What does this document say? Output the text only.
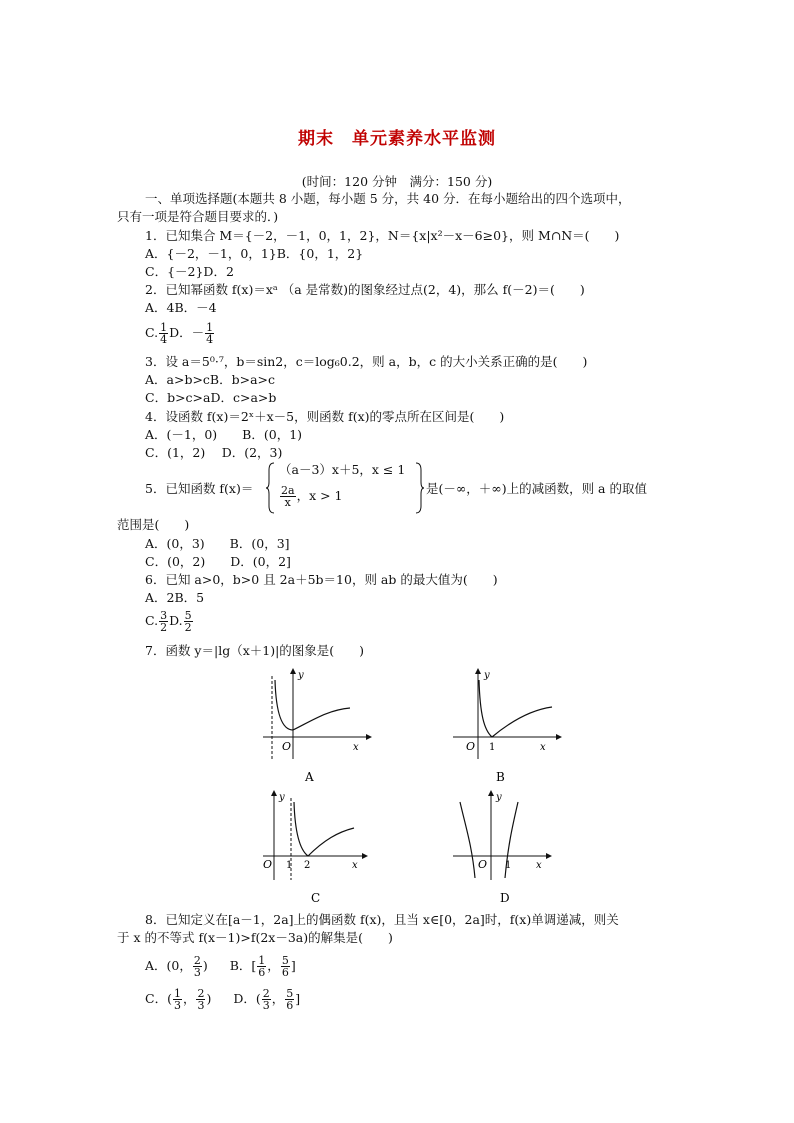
期末　单元素养水平监测
(时间：120 分钟　满分：150 分)
一、单项选择题(本题共 8 小题，每小题 5 分，共 40 分．在每小题给出的四个选项中，
只有一项是符合题目要求的．)
1．已知集合 M＝{－2，－1，0，1，2}，N＝{x|x²－x－6≥0}，则 M∩N＝(　　)
A．{－2，－1，0，1}B．{0，1，2}
C．{－2}D．2
2．已知幂函数 f(x)＝xᵃ （a 是常数)的图象经过点(2，4)，那么 f(－2)＝(　　)
A．4B．－4
C. $\frac{1}{4}$ D．－ $\frac{1}{4}$
3．设 a＝5⁰·⁷，b＝sin2，c＝log₆0.2，则 a，b，c 的大小关系正确的是(　　)
A．a>b>cB．b>a>c
C．b>c>aD．c>a>b
4．设函数 f(x)＝2ˣ＋x－5，则函数 f(x)的零点所在区间是(　　)
A．(－1，0)　　B．(0，1)
C．(1，2)　 D．(2，3)
5．已知函数 f(x)＝
（a－3）x＋5，x ≤ 1
$\frac{2a}{x}$ ，x > 1	是(－∞，＋∞)上的减函数，则 a 的取值
范围是(　　)
A．(0，3)　　B．(0，3]
C．(0，2)　　D．(0，2]
6．已知 a>0，b>0 且 2a＋5b＝10，则 ab 的最大值为(　　)
A．2B．5
C. $\frac{3}{2} D$. $\frac{5}{2}$
7．函数 y＝|lg（x＋1)|的图象是(　　)
y
O	x
A
y
O 1	x
B
y
O 1 2	x
C
y
O 1 x
D
8．已知定义在[a－1，2a]上的偶函数 f(x)，且当 x∈[0，2a]时，f(x)单调递减，则关
于 x 的不等式 f(x－1)>f(2x－3a)的解集是(　　)
A．(0， $\frac{2}{3}$ ) B．[ $\frac{1}{6}$ ， $\frac{5}{6}$ ]
C．( $\frac{1}{3}$ ， $\frac{2}{3}$ ) D．( $\frac{2}{3}$ ， $\frac{5}{6}$ ]
